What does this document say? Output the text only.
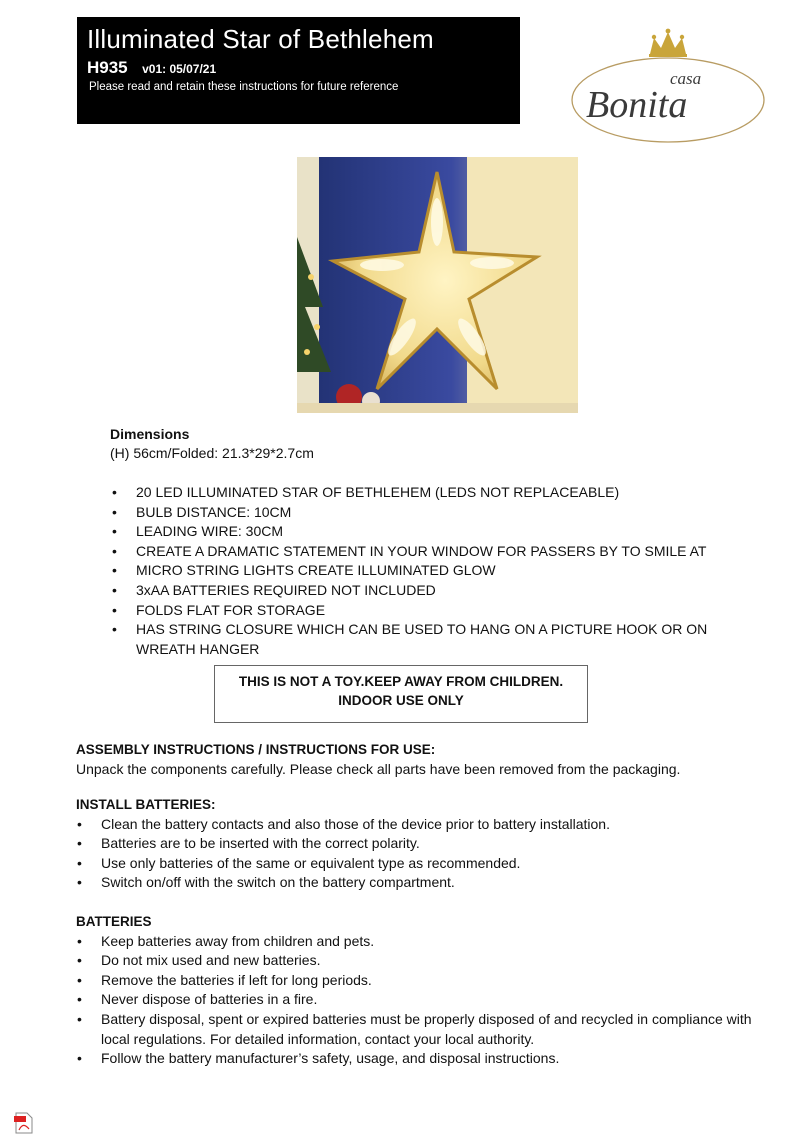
Illuminated Star of Bethlehem
H935 v01: 05/07/21
Please read and retain these instructions for future reference	casa
Bonita
Dimensions
(H) 56cm/Folded: 21.3*29*2.7cm
• 20 LED ILLUMINATED STAR OF BETHLEHEM (LEDS NOT REPLACEABLE)
• BULB DISTANCE: 10CM
• LEADING WIRE: 30CM
• CREATE A DRAMATIC STATEMENT IN YOUR WINDOW FOR PASSERS BY TO SMILE AT
• MICRO STRING LIGHTS CREATE ILLUMINATED GLOW
• 3xAA BATTERIES REQUIRED NOT INCLUDED
• FOLDS FLAT FOR STORAGE
• HAS STRING CLOSURE WHICH CAN BE USED TO HANG ON A PICTURE HOOK OR ON WREATH HANGER
THIS IS NOT A TOY.KEEP AWAY FROM CHILDREN.
INDOOR USE ONLY
ASSEMBLY INSTRUCTIONS / INSTRUCTIONS FOR USE:
Unpack the components carefully. Please check all parts have been removed from the packaging.
INSTALL BATTERIES:
• Clean the battery contacts and also those of the device prior to battery installation.
• Batteries are to be inserted with the correct polarity.
• Use only batteries of the same or equivalent type as recommended.
• Switch on/off with the switch on the battery compartment.
BATTERIES
• Keep batteries away from children and pets.
• Do not mix used and new batteries.
• Remove the batteries if left for long periods.
• Never dispose of batteries in a fire.
• Battery disposal, spent or expired batteries must be properly disposed of and recycled in compliance with local regulations. For detailed information, contact your local authority.
• Follow the battery manufacturer’s safety, usage, and disposal instructions.
